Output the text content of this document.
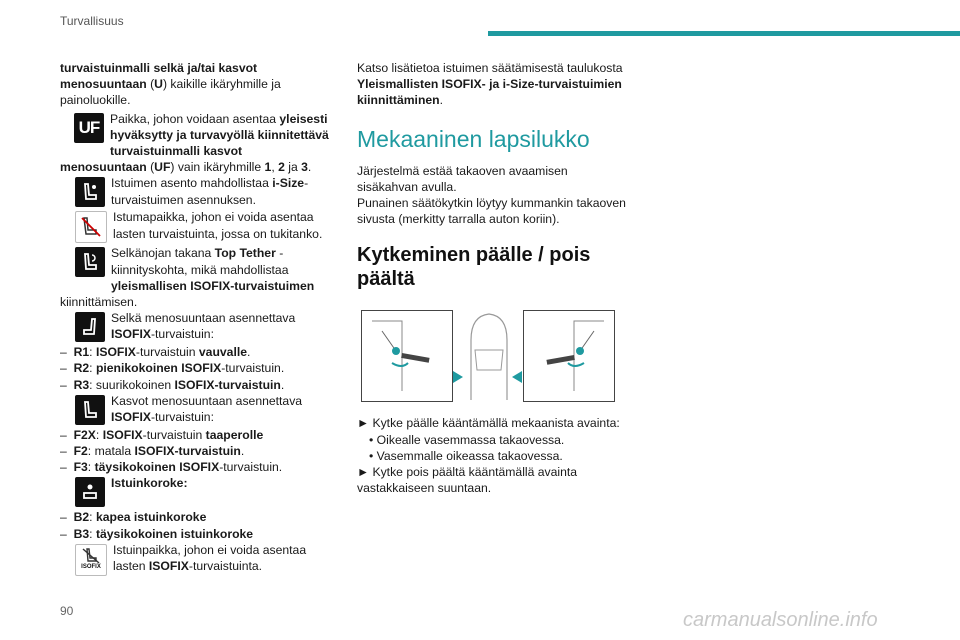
Turvallisuus

turvaistuinmalli selkä ja/tai kasvot menosuuntaan (U) kaikille ikäryhmille ja painoluokille.

UF Paikka, johon voidaan asentaa yleisesti hyväksytty ja turvavyöllä kiinnitettävä turvaistuinmalli kasvot menosuuntaan (UF) vain ikäryhmille 1, 2 ja 3.

Istuimen asento mahdollistaa i-Size-turvaistuimen asennuksen.

Istumapaikka, johon ei voida asentaa lasten turvaistuinta, jossa on tukitanko.

Selkänojan takana Top Tether -kiinnityskohta, mikä mahdollistaa yleismallisen ISOFIX-turvaistuimen kiinnittämisen.

Selkä menosuuntaan asennettava ISOFIX-turvaistuin:

– R1: ISOFIX-turvaistuin vauvalle.

– R2: pienikokoinen ISOFIX-turvaistuin.

– R3: suurikokoinen ISOFIX-turvaistuin.

Kasvot menosuuntaan asennettava ISOFIX-turvaistuin:

– F2X: ISOFIX-turvaistuin taaperolle

– F2: matala ISOFIX-turvaistuin.

– F3: täysikokoinen ISOFIX-turvaistuin.

Istuinkoroke:

– B2: kapea istuinkoroke

– B3: täysikokoinen istuinkoroke

ISOFIX

Istuinpaikka, johon ei voida asentaa lasten ISOFIX-turvaistuinta.

Katso lisätietoa istuimen säätämisestä taulukosta Yleismallisten ISOFIX- ja i-Size-turvaistuimien kiinnittäminen.

Mekaaninen lapsilukko

Järjestelmä estää takaoven avaamisen sisäkahvan avulla.

Punainen säätökytkin löytyy kummankin takaoven sivusta (merkitty tarralla auton koriin).

Kytkeminen päälle / pois päältä

► Kytke päälle kääntämällä mekaanista avainta:

• Oikealle vasemmassa takaovessa.

• Vasemmalle oikeassa takaovessa.

► Kytke pois päältä kääntämällä avainta vastakkaiseen suuntaan.

90	carmanualsonline.info
